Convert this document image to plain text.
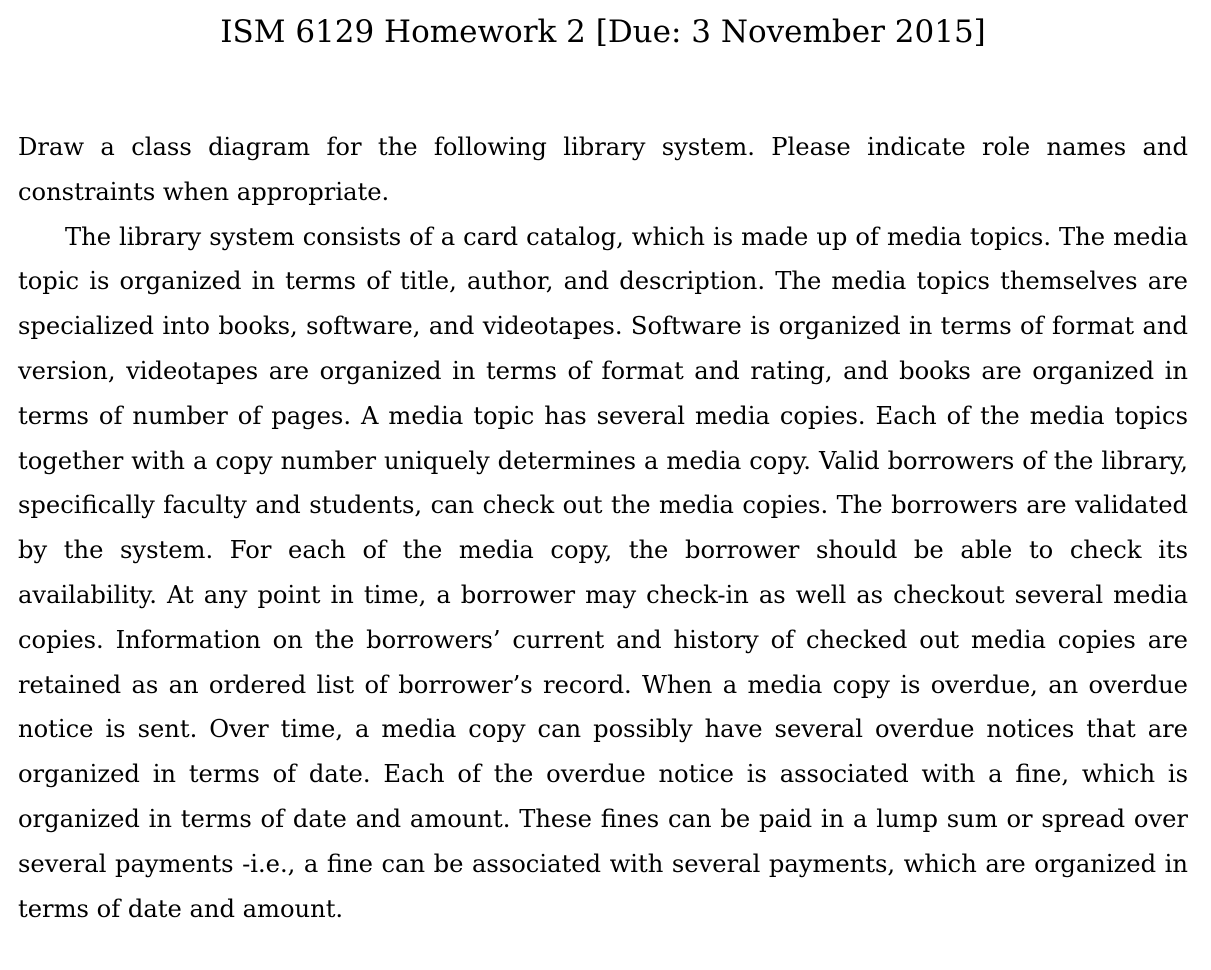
ISM 6129 Homework 2 [Due: 3 November 2015]

Draw a class diagram for the following library system. Please indicate role names and constraints when appropriate.

The library system consists of a card catalog, which is made up of media topics. The media topic is organized in terms of title, author, and description. The media topics themselves are specialized into books, software, and videotapes. Software is organized in terms of format and version, videotapes are organized in terms of format and rating, and books are organized in terms of number of pages. A media topic has several media copies. Each of the media topics together with a copy number uniquely determines a media copy. Valid borrowers of the library, specifically faculty and students, can check out the media copies. The borrowers are validated by the system. For each of the media copy, the borrower should be able to check its availability. At any point in time, a borrower may check-in as well as checkout several media copies. Information on the borrowers’ current and history of checked out media copies are retained as an ordered list of borrower’s record. When a media copy is overdue, an overdue notice is sent. Over time, a media copy can possibly have several overdue notices that are organized in terms of date. Each of the overdue notice is associated with a fine, which is organized in terms of date and amount. These fines can be paid in a lump sum or spread over several payments -i.e., a fine can be associated with several payments, which are organized in terms of date and amount.
